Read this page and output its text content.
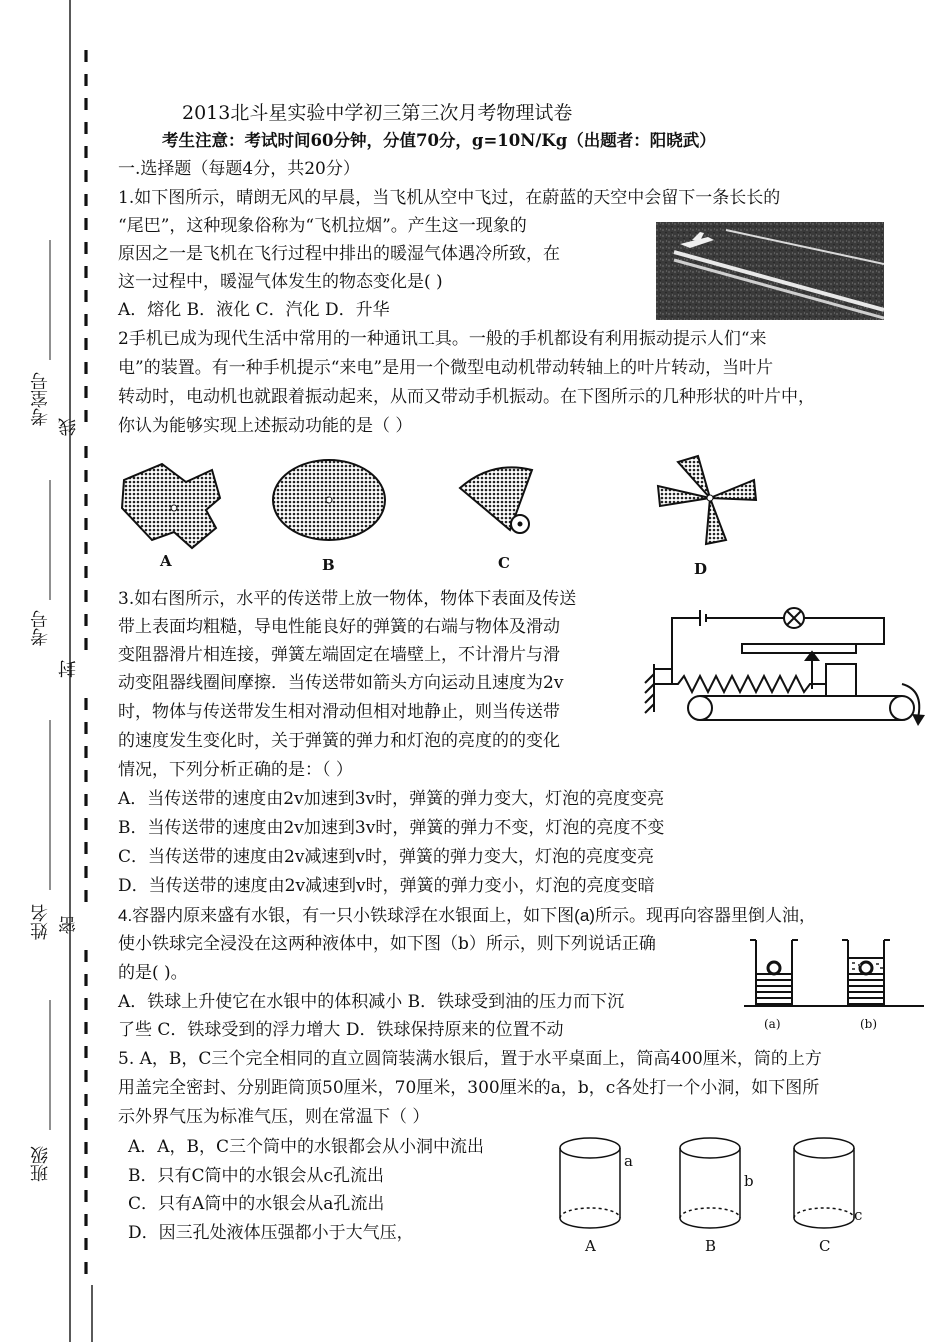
考室号
考号
姓名
班级
线
封
密
2013北斗星实验中学初三第三次月考物理试卷
考生注意：考试时间60分钟，分值70分，g=10N/Kg（出题者：阳晓武）
一.选择题（每题4分，共20分）
1.如下图所示，晴朗无风的早晨，当飞机从空中飞过，在蔚蓝的天空中会留下一条长长的
“尾巴”，这种现象俗称为“飞机拉烟”。产生这一现象的
原因之一是飞机在飞行过程中排出的暖湿气体遇冷所致，在
这一过程中，暖湿气体发生的物态变化是( )
A．熔化 B．液化 C．汽化 D．升华
2手机已成为现代生活中常用的一种通讯工具。一般的手机都设有利用振动提示人们“来
电”的装置。有一种手机提示“来电”是用一个微型电动机带动转轴上的叶片转动，当叶片
转动时，电动机也就跟着振动起来，从而又带动手机振动。在下图所示的几种形状的叶片中，
你认为能够实现上述振动功能的是（ ）
A	B	C	D
3.如右图所示，水平的传送带上放一物体，物体下表面及传送
带上表面均粗糙，导电性能良好的弹簧的右端与物体及滑动
变阻器滑片相连接，弹簧左端固定在墙壁上，不计滑片与滑
动变阻器线圈间摩擦．当传送带如箭头方向运动且速度为2v
时，物体与传送带发生相对滑动但相对地静止，则当传送带
的速度发生变化时，关于弹簧的弹力和灯泡的亮度的的变化
情况，下列分析正确的是：（ ）
A．当传送带的速度由2v加速到3v时，弹簧的弹力变大，灯泡的亮度变亮
B．当传送带的速度由2v加速到3v时，弹簧的弹力不变，灯泡的亮度不变
C．当传送带的速度由2v减速到v时，弹簧的弹力变大，灯泡的亮度变亮
D．当传送带的速度由2v减速到v时，弹簧的弹力变小，灯泡的亮度变暗
4.容器内原来盛有水银，有一只小铁球浮在水银面上，如下图(a)所示。现再向容器里倒人油，
使小铁球完全浸没在这两种液体中，如下图（b）所示，则下列说话正确
的是( )。
A．铁球上升使它在水银中的体积减小 B．铁球受到油的压力而下沉
了些 C．铁球受到的浮力增大 D．铁球保持原来的位置不动	(a)	(b)
5. A，B，C三个完全相同的直立圆筒装满水银后，置于水平桌面上，筒高400厘米，筒的上方
用盖完全密封、分别距筒顶50厘米，70厘米，300厘米的a，b，c各处打一个小洞，如下图所
示外界气压为标准气压，则在常温下（ ）
A．A，B，C三个筒中的水银都会从小洞中流出
B．只有C筒中的水银会从c孔流出
C．只有A筒中的水银会从a孔流出
D．因三孔处液体压强都小于大气压，
a
b
c
A	B	C
